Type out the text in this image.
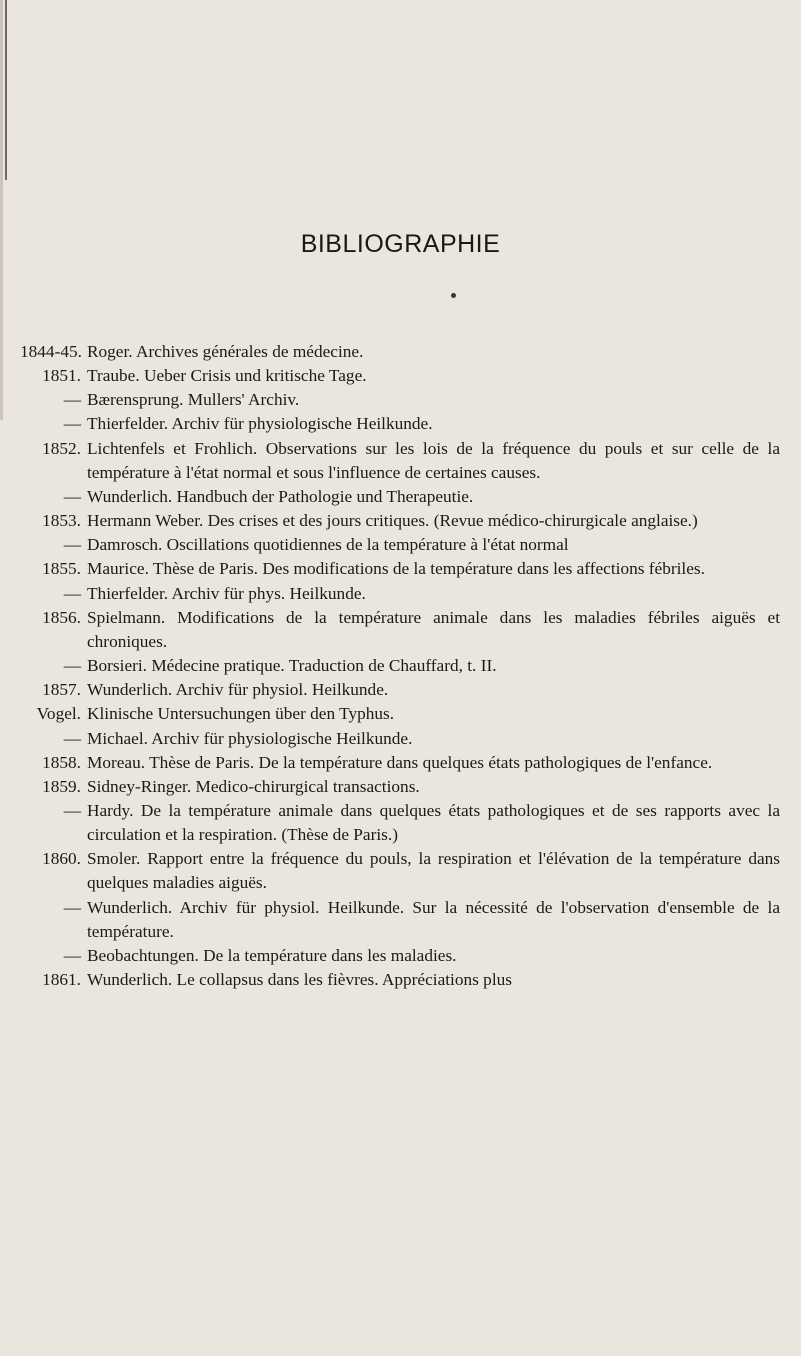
BIBLIOGRAPHIE
1844-45. Roger. Archives générales de médecine.
1851. Traube. Ueber Crisis und kritische Tage.
— Bærensprung. Mullers' Archiv.
— Thierfelder. Archiv für physiologische Heilkunde.
1852. Lichtenfels et Frohlich. Observations sur les lois de la fréquence du pouls et sur celle de la température à l'état normal et sous l'influence de certaines causes.
— Wunderlich. Handbuch der Pathologie und Therapeutie.
1853. Hermann Weber. Des crises et des jours critiques. (Revue médico-chirurgicale anglaise.)
— Damrosch. Oscillations quotidiennes de la température à l'état normal
1855. Maurice. Thèse de Paris. Des modifications de la température dans les affections fébriles.
— Thierfelder. Archiv für phys. Heilkunde.
1856. Spielmann. Modifications de la température animale dans les maladies fébriles aiguës et chroniques.
— Borsieri. Médecine pratique. Traduction de Chauffard, t. II.
1857. Wunderlich. Archiv für physiol. Heilkunde.
Vogel. Klinische Untersuchungen über den Typhus.
— Michael. Archiv für physiologische Heilkunde.
1858. Moreau. Thèse de Paris. De la température dans quelques états pathologiques de l'enfance.
1859. Sidney-Ringer. Medico-chirurgical transactions.
— Hardy. De la température animale dans quelques états pathologiques et de ses rapports avec la circulation et la respiration. (Thèse de Paris.)
1860. Smoler. Rapport entre la fréquence du pouls, la respiration et l'élévation de la température dans quelques maladies aiguës.
— Wunderlich. Archiv für physiol. Heilkunde. Sur la nécessité de l'observation d'ensemble de la température.
— Beobachtungen. De la température dans les maladies.
1861. Wunderlich. Le collapsus dans les fièvres. Appréciations plus
